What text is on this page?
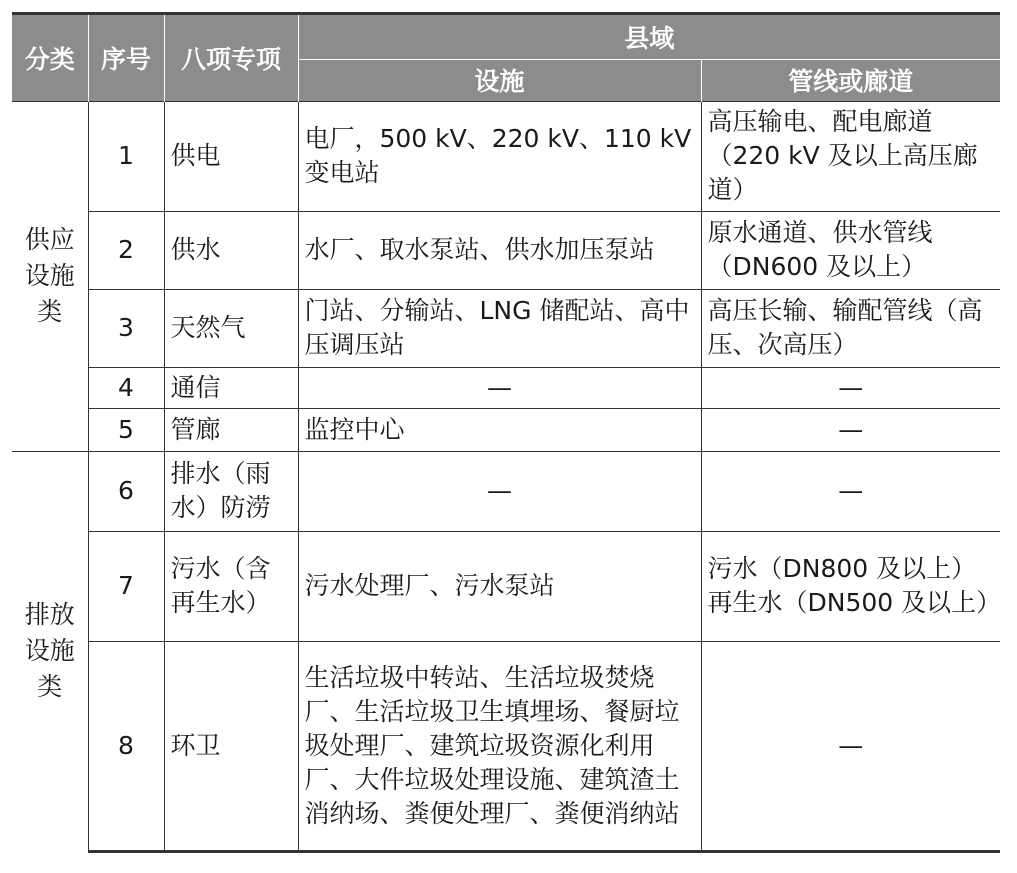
分类	序号	八项专项	县域	
			设施	管线或廊道
供应设施类	1	供电	电厂，500 kV、220 kV、110 kV变电站	高压输电、配电廊道（220 kV 及以上高压廊道）
	2	供水	水厂、取水泵站、供水加压泵站	原水通道、供水管线（DN600 及以上）
	3	天然气	门站、分输站、LNG 储配站、高中压调压站	高压长输、输配管线（高压、次高压）
	4	通信	—	—
	5	管廊	监控中心	—
排放设施类	6	排水（雨水）防涝	—	—
	7	污水（含再生水）	污水处理厂、污水泵站	污水（DN800 及以上）再生水（DN500 及以上）
	8	环卫	生活垃圾中转站、生活垃圾焚烧厂、生活垃圾卫生填埋场、餐厨垃圾处理厂、建筑垃圾资源化利用厂、大件垃圾处理设施、建筑渣土消纳场、粪便处理厂、粪便消纳站	—
